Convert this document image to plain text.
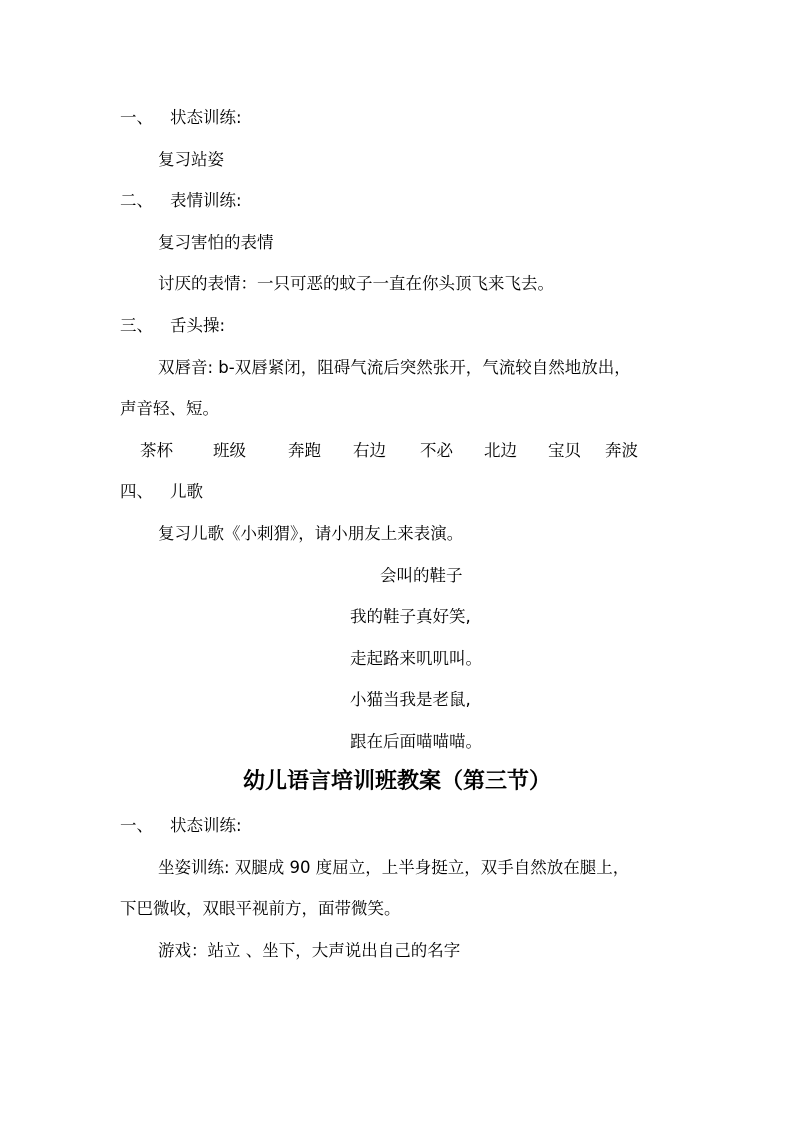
一、 状态训练:
复习站姿
二、 表情训练:
复习害怕的表情
讨厌的表情：一只可恶的蚊子一直在你头顶飞来飞去。
三、 舌头操:
双唇音: b-双唇紧闭，阻碍气流后突然张开，气流较自然地放出，
声音轻、短。
茶杯 班级	奔跑 右边 不必 北边 宝贝 奔波
四、 儿歌
复习儿歌《小刺猬》，请小朋友上来表演。
会叫的鞋子
我的鞋子真好笑,
走起路来叽叽叫。
小猫当我是老鼠,
跟在后面喵喵喵。
幼儿语言培训班教案（第三节）
一、 状态训练:
坐姿训练: 双腿成 90 度屈立，上半身挺立，双手自然放在腿上，
下巴微收，双眼平视前方，面带微笑。
游戏：站立 、坐下，大声说出自己的名字
